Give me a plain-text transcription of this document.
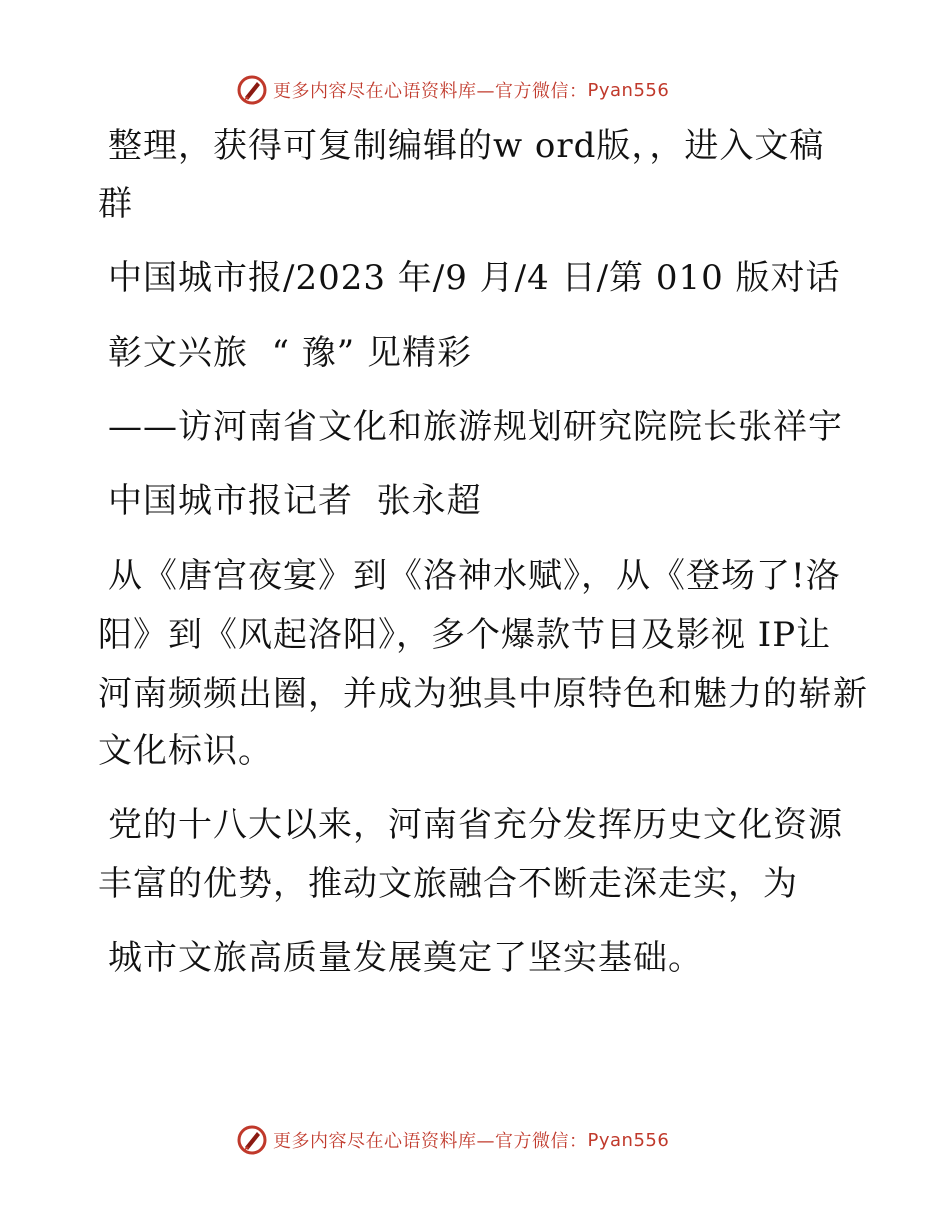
更多内容尽在心语资料库—官方微信： Pyan556
整理，获得可复制编辑的w ord版，，进入文稿
群
中国城市报/2023 年/9 月/4 日/第 010 版对话
彰文兴旅  “ 豫” 见精彩
——访河南省文化和旅游规划研究院院长张祥宇
中国城市报记者  张永超
从《唐宫夜宴》到《洛神水赋》，从《登场了!洛
阳》到《风起洛阳》，多个爆款节目及影视 IP让
河南频频出圈，并成为独具中原特色和魅力的崭新
文化标识。
党的十八大以来，河南省充分发挥历史文化资源
丰富的优势，推动文旅融合不断走深走实，为
城市文旅高质量发展奠定了坚实基础。
更多内容尽在心语资料库—官方微信： Pyan556
